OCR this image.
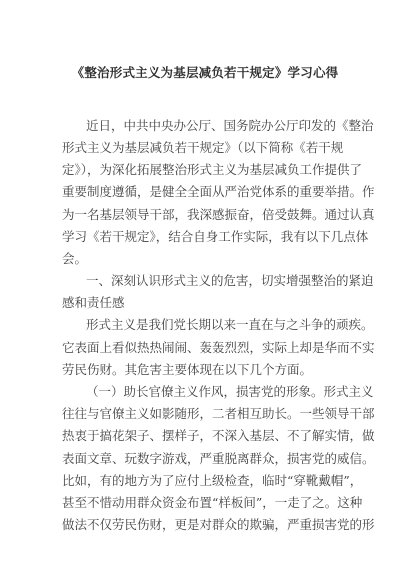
《整治形式主义为基层减负若干规定》学习心得
近日，中共中央办公厅、国务院办公厅印发的《整治
形式主义为基层减负若干规定》（以下简称《若干规
定》），为深化拓展整治形式主义为基层减负工作提供了
重要制度遵循，是健全全面从严治党体系的重要举措。作
为一名基层领导干部，我深感振奋，倍受鼓舞。通过认真
学习《若干规定》，结合自身工作实际，我有以下几点体
会。
一、深刻认识形式主义的危害，切实增强整治的紧迫
感和责任感
形式主义是我们党长期以来一直在与之斗争的顽疾。
它表面上看似热热闹闹、轰轰烈烈，实际上却是华而不实
劳民伤财。其危害主要体现在以下几个方面。
（一）助长官僚主义作风，损害党的形象。形式主义
往往与官僚主义如影随形，二者相互助长。一些领导干部
热衷于搞花架子、摆样子，不深入基层、不了解实情，做
表面文章、玩数字游戏，严重脱离群众，损害党的威信。
比如，有的地方为了应付上级检查，临时“穿靴戴帽”，
甚至不惜动用群众资金布置“样板间”，一走了之。这种
做法不仅劳民伤财，更是对群众的欺骗，严重损害党的形
